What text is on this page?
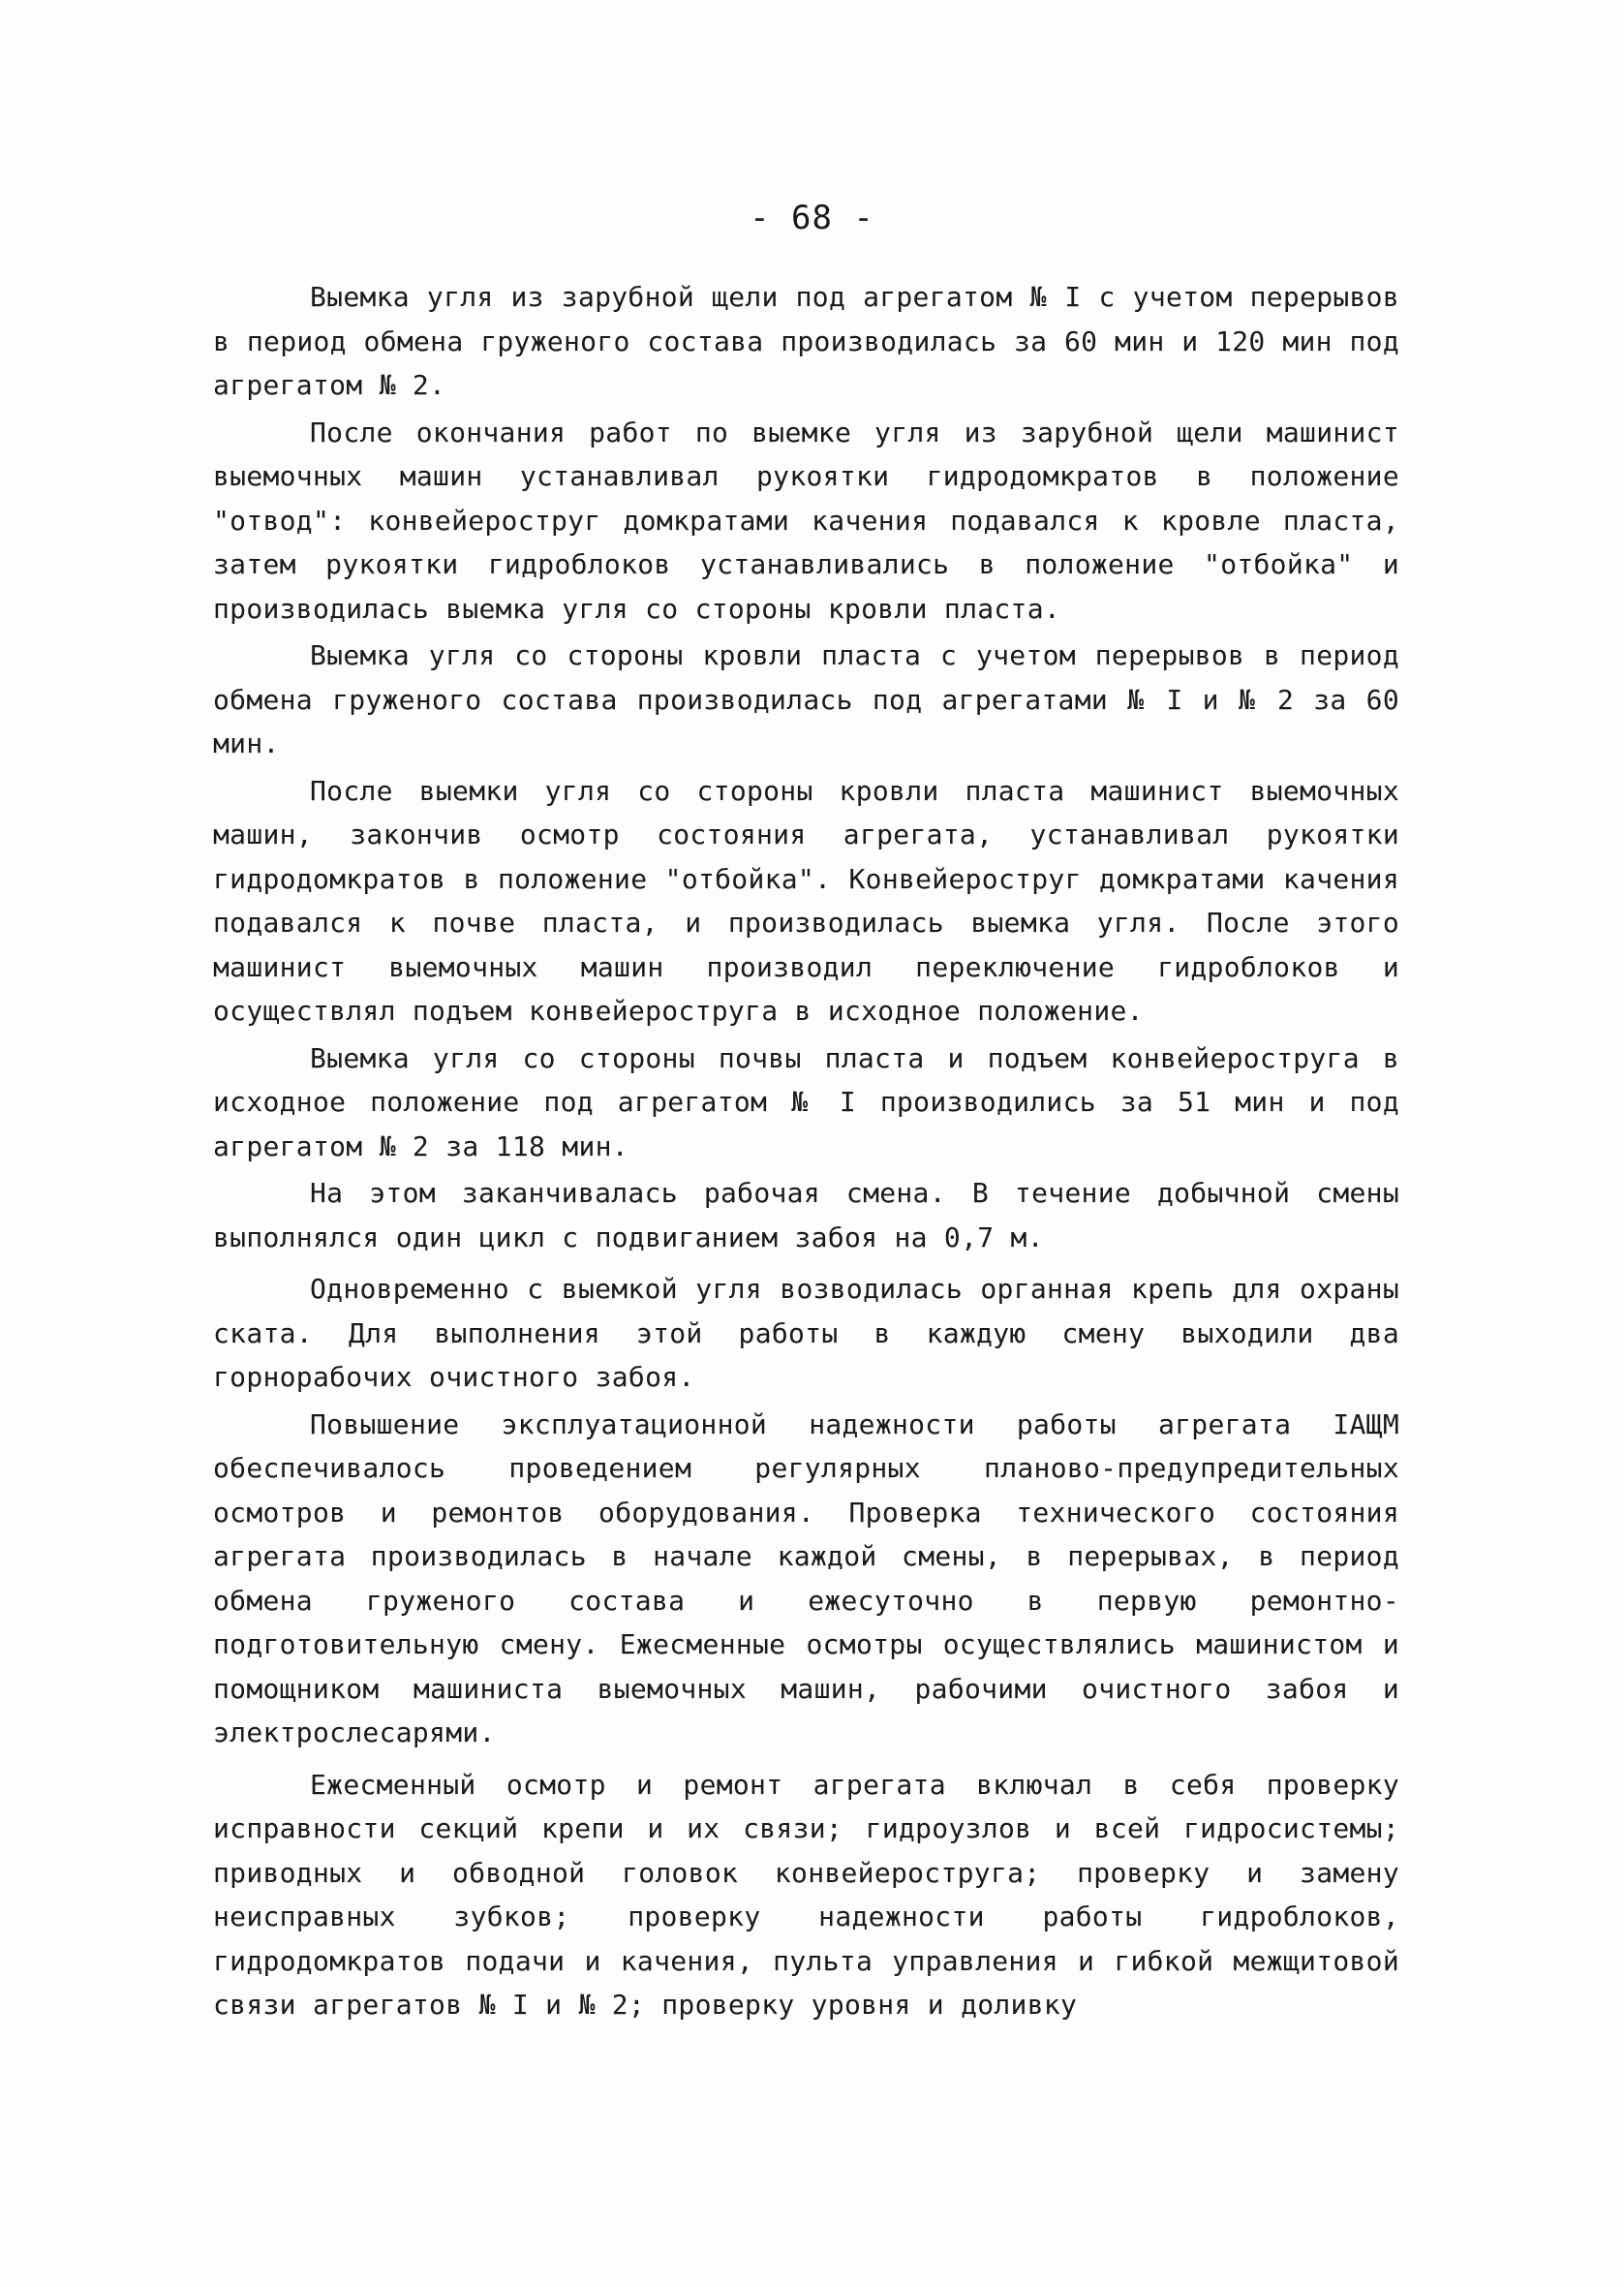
- 68 -

Выемка угля из зарубной щели под агрегатом № I с учетом перерывов в период обмена груженого состава производилась за 60 мин и 120 мин под агрегатом № 2.

После окончания работ по выемке угля из зарубной щели машинист выемочных машин устанавливал рукоятки гидродомкратов в положение "отвод": конвейероструг домкратами качения подавался к кровле пласта, затем рукоятки гидроблоков устанавливались в положение "отбойка" и производилась выемка угля со стороны кровли пласта.

Выемка угля со стороны кровли пласта с учетом перерывов в период обмена груженого состава производилась под агрегатами № I и № 2 за 60 мин.

После выемки угля со стороны кровли пласта машинист выемочных машин, закончив осмотр состояния агрегата, устанавливал рукоятки гидродомкратов в положение "отбойка". Конвейероструг домкратами качения подавался к почве пласта, и производилась выемка угля. После этого машинист выемочных машин производил переключение гидроблоков и осуществлял подъем конвейероструга в исходное положение.

Выемка угля со стороны почвы пласта и подъем конвейероструга в исходное положение под агрегатом № I производились за 51 мин и под агрегатом № 2 за 118 мин.

На этом заканчивалась рабочая смена. В течение добычной смены выполнялся один цикл с подвиганием забоя на 0,7 м.

Одновременно с выемкой угля возводилась органная крепь для охраны ската. Для выполнения этой работы в каждую смену выходили два горнорабочих очистного забоя.

Повышение эксплуатационной надежности работы агрегата IАЩМ обеспечивалось проведением регулярных планово-предупредительных осмотров и ремонтов оборудования. Проверка технического состояния агрегата производилась в начале каждой смены, в перерывах, в период обмена груженого состава и ежесуточно в первую ремонтно-подготовительную смену. Ежесменные осмотры осуществлялись машинистом и помощником машиниста выемочных машин, рабочими очистного забоя и электрослесарями.

Ежесменный осмотр и ремонт агрегата включал в себя проверку исправности секций крепи и их связи; гидроузлов и всей гидросистемы; приводных и обводной головок конвейероструга; проверку и замену неисправных зубков; проверку надежности работы гидроблоков, гидродомкратов подачи и качения, пульта управления и гибкой межщитовой связи агрегатов № I и № 2; проверку уровня и доливку
